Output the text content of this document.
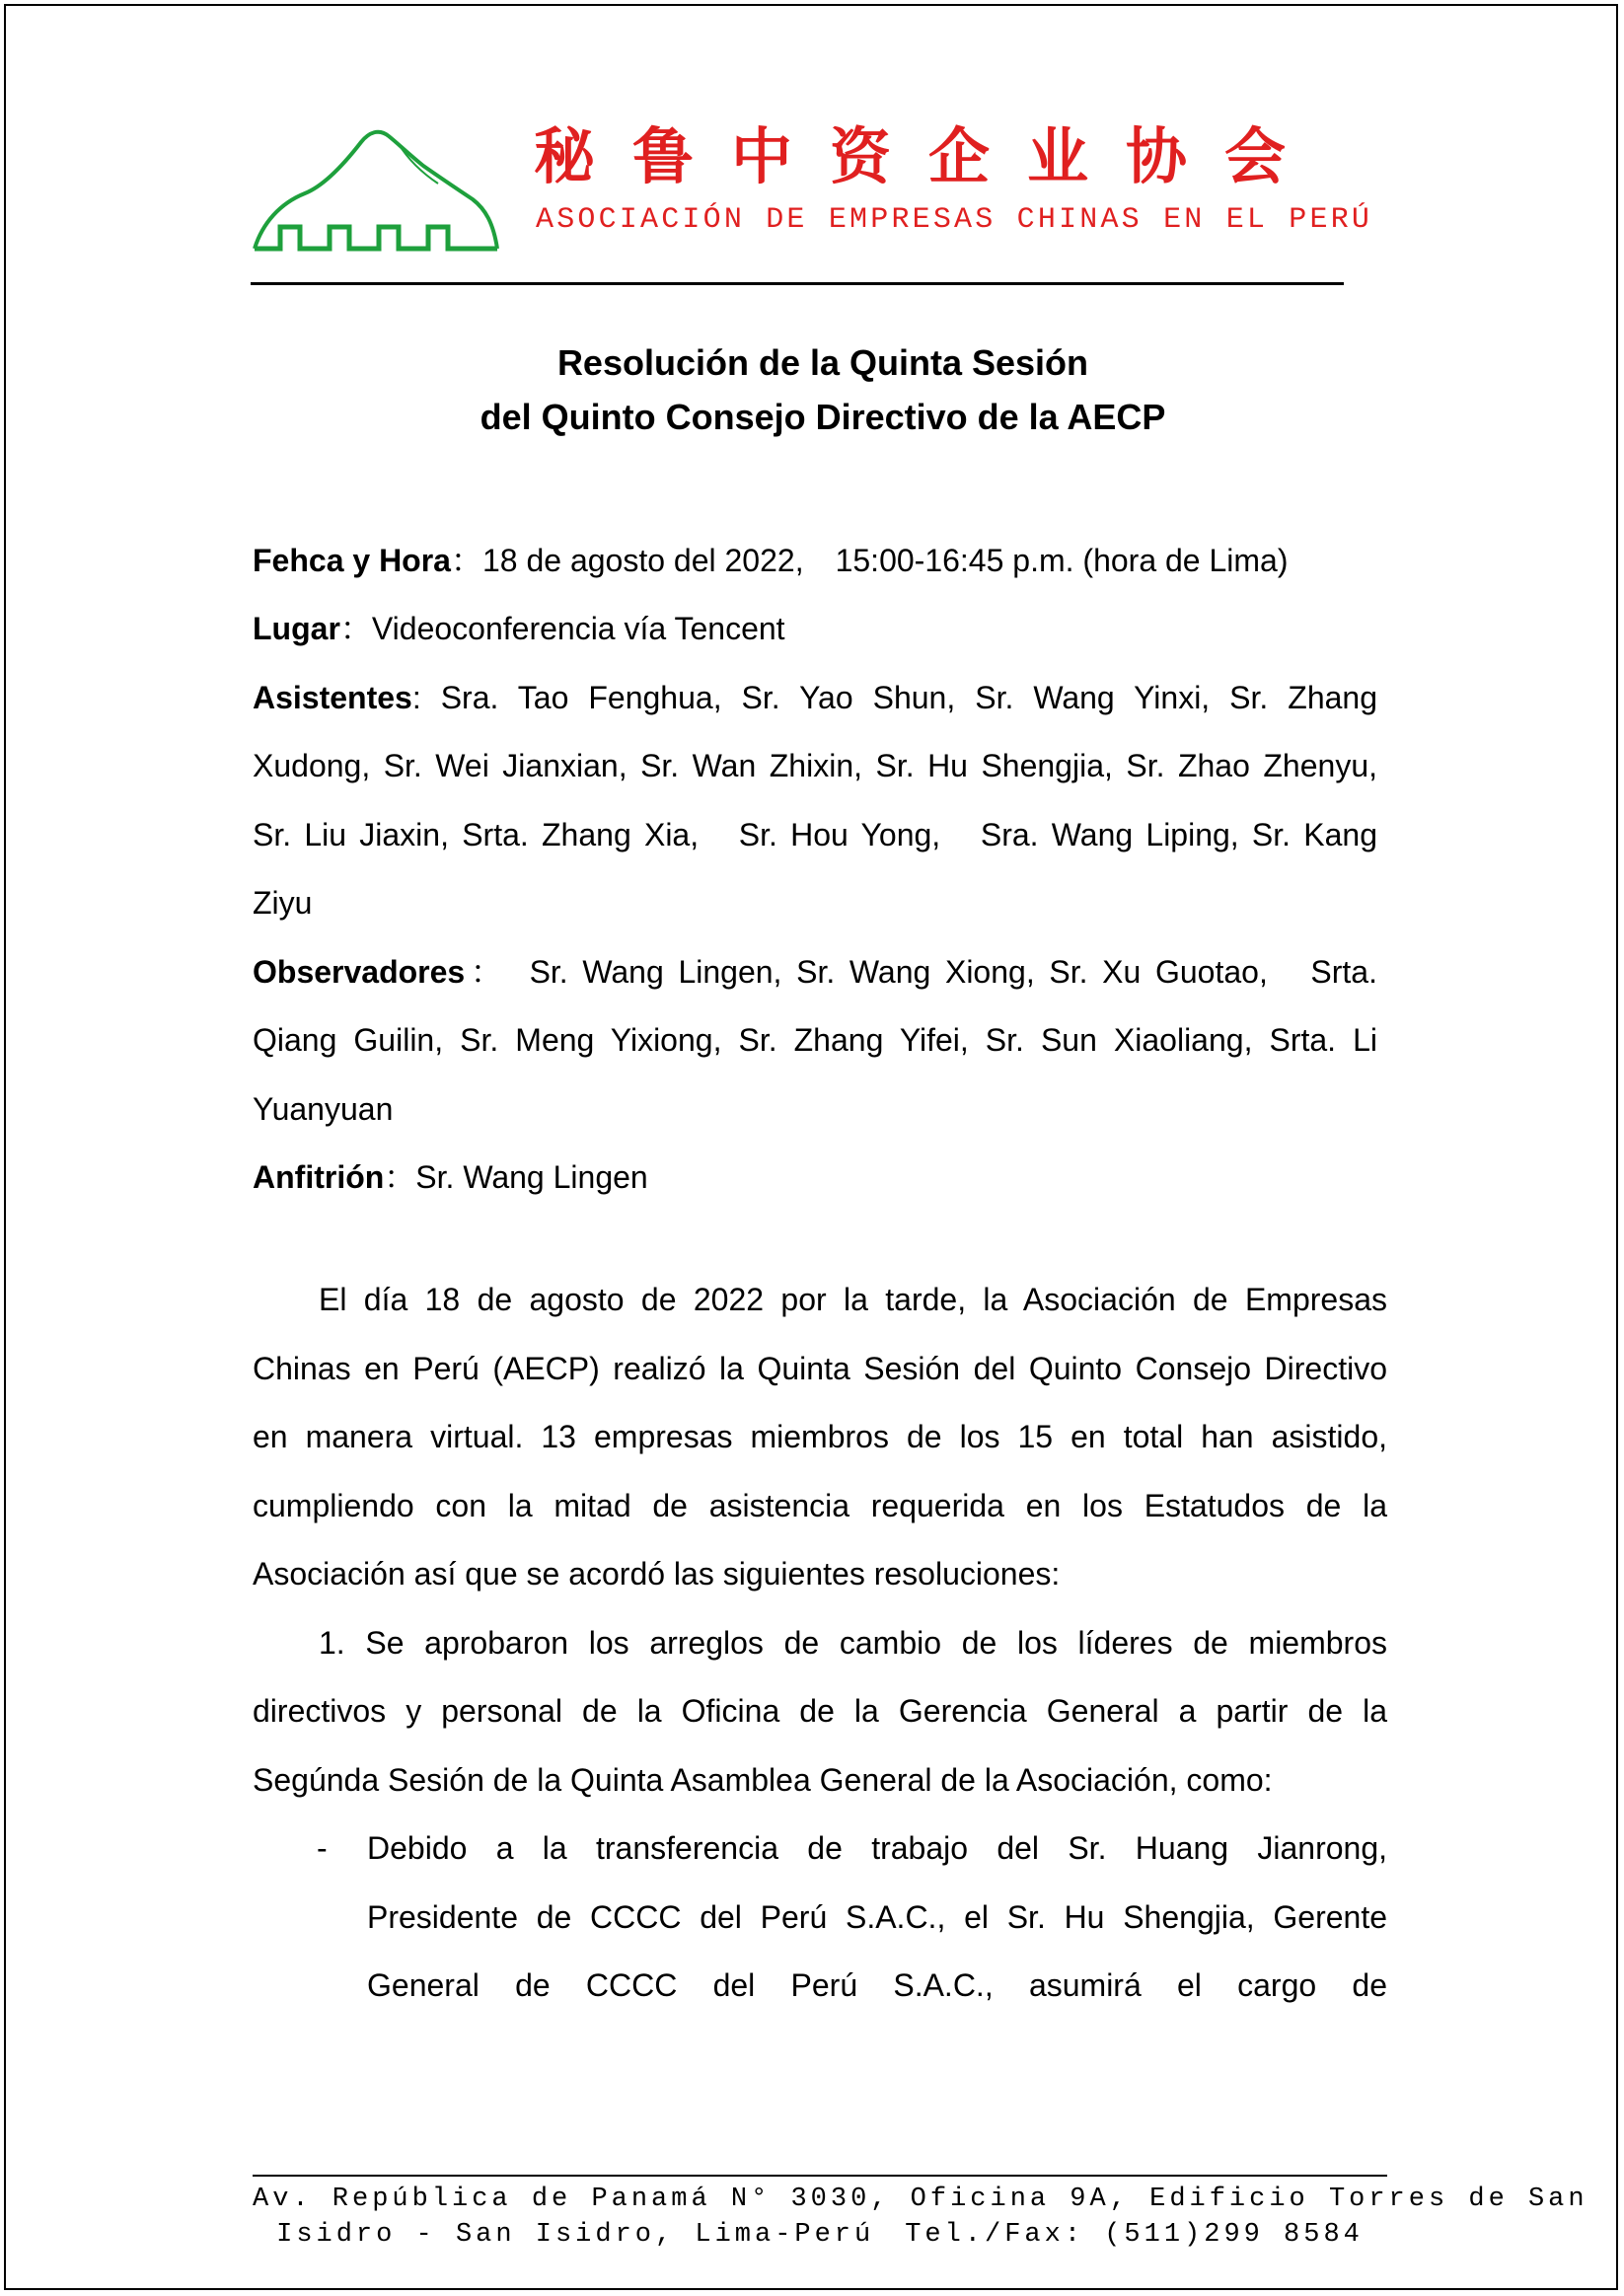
秘鲁中资企业协会
ASOCIACIÓN DE EMPRESAS CHINAS EN EL PERÚ
Resolución de la Quinta Sesión
del Quinto Consejo Directivo de la AECP
Fehca y Hora：18 de agosto del 2022,　15:00-16:45 p.m. (hora de Lima)
Lugar：Videoconferencia vía Tencent
Asistentes: Sra. Tao Fenghua, Sr. Yao Shun, Sr. Wang Yinxi, Sr. Zhang
Xudong, Sr. Wei Jianxian, Sr. Wan Zhixin, Sr. Hu Shengjia, Sr. Zhao Zhenyu,
Sr. Liu Jiaxin, Srta. Zhang Xia,　Sr. Hou Yong,　Sra. Wang Liping, Sr. Kang
Ziyu
Observadores：　Sr. Wang Lingen, Sr. Wang Xiong, Sr. Xu Guotao,　Srta.
Qiang Guilin, Sr. Meng Yixiong, Sr. Zhang Yifei, Sr. Sun Xiaoliang, Srta. Li
Yuanyuan
Anfitrión：Sr. Wang Lingen
El día 18 de agosto de 2022 por la tarde, la Asociación de Empresas
Chinas en Perú (AECP) realizó la Quinta Sesión del Quinto Consejo Directivo
en manera virtual. 13 empresas miembros de los 15 en total han asistido,
cumpliendo con la mitad de asistencia requerida en los Estatudos de la
Asociación así que se acordó las siguientes resoluciones:
1. Se aprobaron los arreglos de cambio de los líderes de miembros
directivos y personal de la Oficina de la Gerencia General a partir de la
Segúnda Sesión de la Quinta Asamblea General de la Asociación, como:
- Debido a la transferencia de trabajo del Sr. Huang Jianrong,
Presidente de CCCC del Perú S.A.C., el Sr. Hu Shengjia, Gerente
General de CCCC del Perú S.A.C., asumirá el cargo de
Av. República de Panamá N° 3030, Oficina 9A, Edificio Torres de San
Isidro - San Isidro, Lima-Perú　Tel./Fax: (511)299 8584
